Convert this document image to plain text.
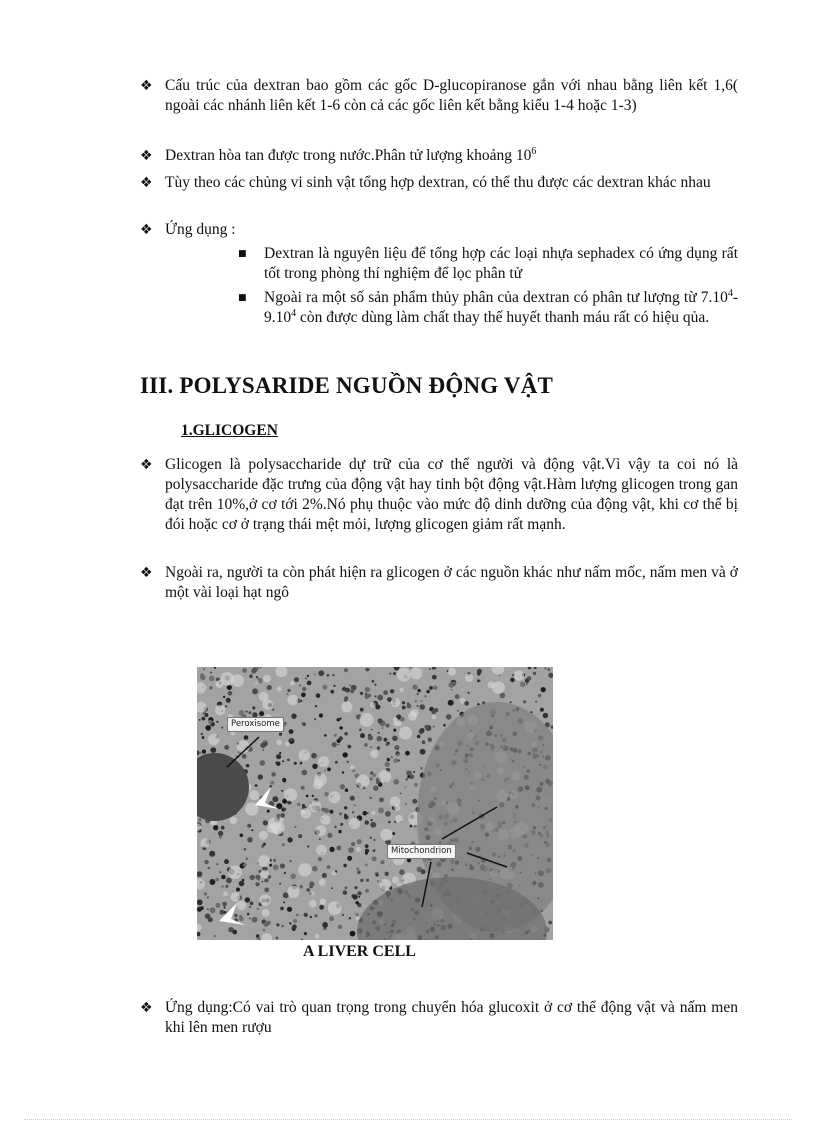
❖ Cấu trúc của dextran bao gồm các gốc D-glucopiranose gắn với nhau bằng liên kết 1,6( ngoài các nhánh liên kết 1-6 còn cả các gốc liên kết bằng kiểu 1-4 hoặc 1-3)
❖ Dextran hòa tan được trong nước.Phân tử lượng khoảng $10^6$
❖ Tùy theo các chủng vi sinh vật tổng hợp dextran, có thể thu được các dextran khác nhau
❖ Ứng dụng :
■	Dextran là nguyên liệu để tổng hợp các loại nhựa sephadex có ứng dụng rất tốt trong phòng thí nghiệm để lọc phân tử
■	Ngoài ra một số sản phẩm thủy phân của dextran có phân tư lượng từ 7.10$^4$-9.10$^4$ còn được dùng làm chất thay thế huyết thanh máu rất có hiệu qủa.
III. POLYSARIDE NGUỒN ĐỘNG VẬT
1.GLICOGEN
❖ Glicogen là polysaccharide dự trữ của cơ thể người và động vật.Vì vậy ta coi nó là polysaccharide đặc trưng của động vật hay tinh bột động vật.Hàm lượng glicogen trong gan đạt trên 10%,ở cơ tới 2%.Nó phụ thuộc vào mức độ dinh dưỡng của động vật, khi cơ thể bị đói hoặc cơ ở trạng thái mệt mỏi, lượng glicogen giảm rất mạnh.
❖ Ngoài ra, người ta còn phát hiện ra glicogen ở các nguồn khác như nấm mốc, nấm men và ở một vài loại hạt ngô
Peroxisome
Mitochondrion
A LIVER CELL
❖ Ứng dụng:Có vai trò quan trọng trong chuyển hóa glucoxit ở cơ thể động vật và nấm men khi lên men rượu
